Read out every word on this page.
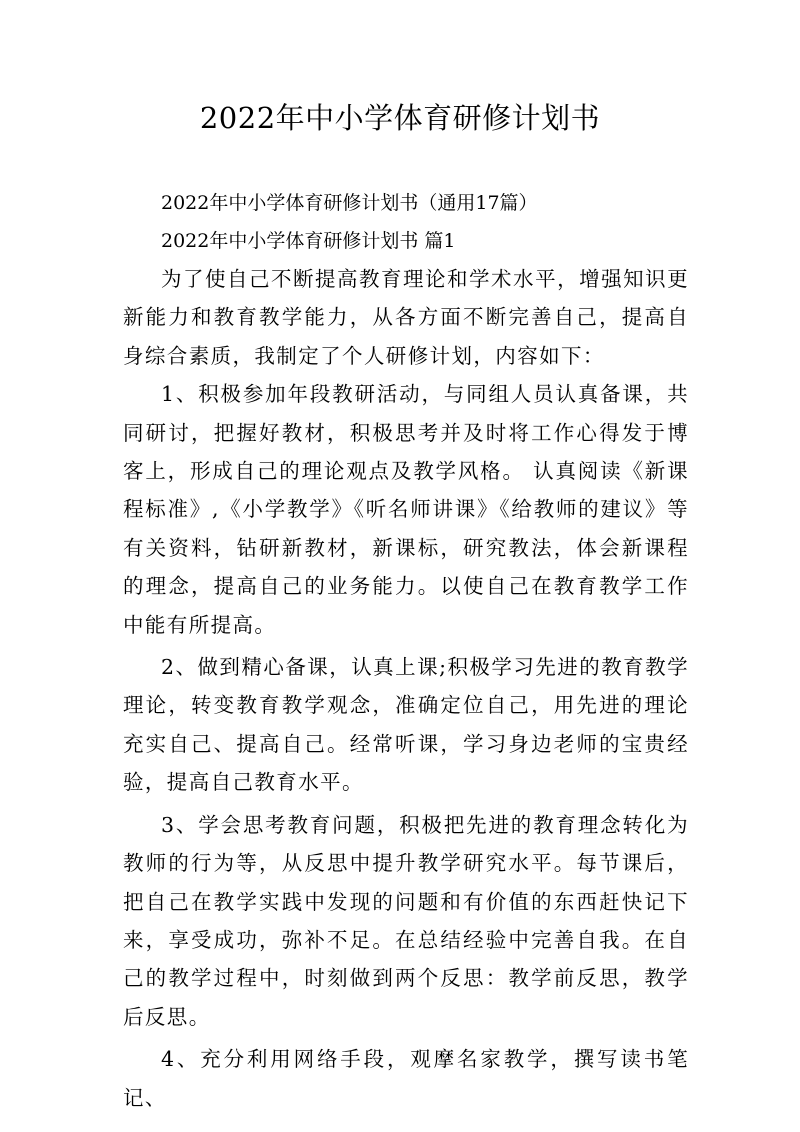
2022年中小学体育研修计划书

2022年中小学体育研修计划书（通用17篇）

2022年中小学体育研修计划书 篇1

为了使自己不断提高教育理论和学术水平，增强知识更新能力和教育教学能力，从各方面不断完善自己，提高自身综合素质，我制定了个人研修计划，内容如下：

1、积极参加年段教研活动，与同组人员认真备课，共同研讨，把握好教材，积极思考并及时将工作心得发于博客上，形成自己的理论观点及教学风格。 认真阅读《新课程标准》,《小学教学》《听名师讲课》《给教师的建议》等有关资料，钻研新教材，新课标，研究教法，体会新课程的理念，提高自己的业务能力。以使自己在教育教学工作中能有所提高。

2、做到精心备课，认真上课;积极学习先进的教育教学理论，转变教育教学观念，准确定位自己，用先进的理论充实自己、提高自己。经常听课，学习身边老师的宝贵经验，提高自己教育水平。

3、学会思考教育问题，积极把先进的教育理念转化为教师的行为等，从反思中提升教学研究水平。每节课后，把自己在教学实践中发现的问题和有价值的东西赶快记下来，享受成功，弥补不足。在总结经验中完善自我。在自己的教学过程中，时刻做到两个反思：教学前反思，教学后反思。

4、充分利用网络手段，观摩名家教学，撰写读书笔记、
